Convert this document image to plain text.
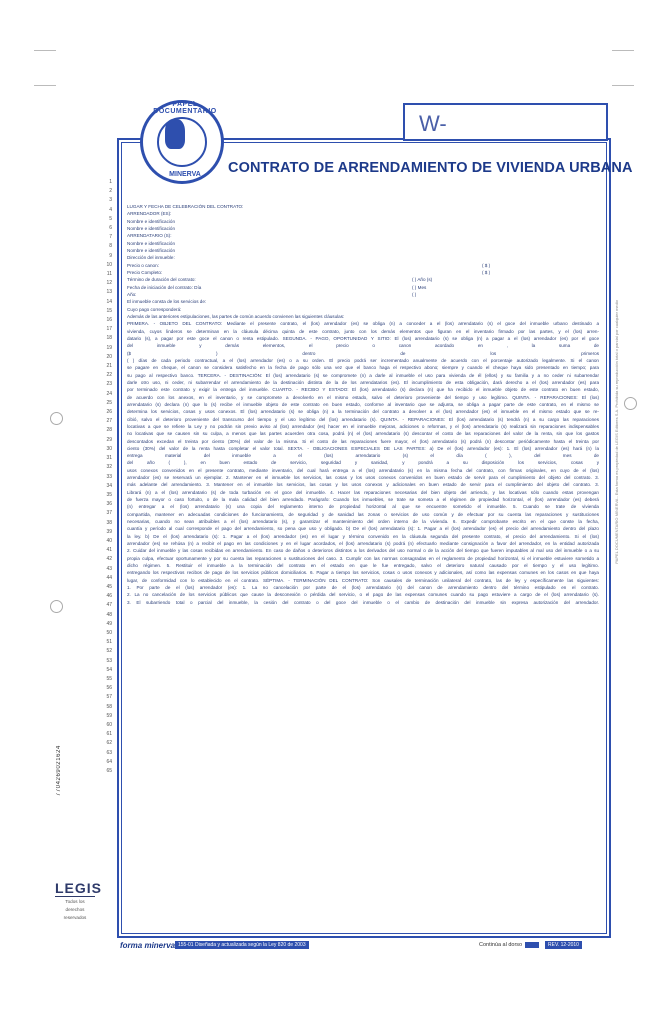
PAPEL DOCUMENTARIO
MINERVA
W-
CONTRATO DE ARRENDAMIENTO DE VIVIENDA URBANA
1
2
3
4
5
6
7
8
9
10
11
12
13
14
15
16
17
18
19
20
21
22
23
24
25
26
27
28
29
30
31
32
33
34
35
36
37
38
39
40
41
42
43
44
45
46
47
48
49
50
51
52
53
54
55
56
57
58
59
60
61
62
63
64
65
LUGAR Y FECHA DE CELEBRACIÓN DEL CONTRATO:
ARRENDADOR (ES):
Nombre e identificación
Nombre e identificación
ARRENDATARIO (S):
Nombre e identificación
Nombre e identificación
Dirección del inmueble:
Precio o canon:	( $ )
Precio Completo:	( $ )
Término de duración del contrato:	( ) Año (s)
Fecha de iniciación del contrato: Día	( ) Mes
Año:	( )
El inmueble consta de los servicios de:
Cuyo pago corresponderá:
Además de las anteriores estipulaciones, las partes de común acuerdo convienen las siguientes cláusulas:
PRIMERA. - OBJETO DEL CONTRATO: Mediante el presente contrato, el (los) arrendador (es) se obliga (n) a conceder a el (los) arrendatario (s) el goce del inmueble urbano destinado a
vivienda, cuyos linderos se determinan en la cláusula décima quinta de este contrato, junto con los demás elementos que figuran en el inventario firmado por las partes, y el (los) arren-
datario (s), a pagar por este goce el canon o renta estipulado. SEGUNDA. - PAGO, OPORTUNIDAD Y SITIO: El (los) arrendatario (s) se obliga (n) a pagar a el (los) arrendador (es) por el goce
del inmueble y demás elementos, el precio o canon acordado en , la suma de
($ ) dentro de los primeros
( ) días de cada periodo contractual, a el (los) arrendador (es) o a su orden. El precio podrá ser incrementado anualmente de acuerdo con el porcentaje autorizado legalmente. Si el canon
se pagare en cheque, el canon se considera satisfecho en la fecha de pago sólo una vez que el banco haga el respectivo abono; siempre y cuando el cheque haya sido presentado en tiempo; para
su pago al respectivo banco. TERCERA. - DESTINACIÓN: El (los) arrendatario (s) se compromete (n) a darle al inmueble el uso para vivienda de él (ellos) y su familia y a no ceder ni subarrendar
darle otro uso, ni ceder, ni subarrendar el arrendamiento de la destinación distinta de la de los arrendatarios (es). El incumplimiento de esta obligación, dará derecho a el (los) arrendador (es) para
por terminado este contrato y exigir la entrega del inmueble. CUARTO. - RECIBO Y ESTADO: El (los) arrendatario (s) declara (n) que ha recibido el inmueble objeto de este contrato en buen estado,
de acuerdo con los anexos, en el inventario, y se compromete a devolverlo en el mismo estado, salvo el deterioro proveniente del tiempo y uso legítimo. QUINTA. - REPARACIONES: El (los)
arrendatario (s) declara (n) que lo (s) recibe el inmueble objeto de este contrato en buen estado, conforme al inventario que se adjunta, se obliga a pagar parte de este contrato, en el mismo se
determina los servicios, cosas y usos conexos. El (los) arrendatario (s) se obliga (n) a la terminación del contrato a devolver a el (los) arrendador (es) el inmueble en el mismo estado que se re-
cibió, salvo el deterioro proveniente del transcurso del tiempo y el uso legítimo del (los) arrendatario (s). QUINTA. - REPARACIONES: El (los) arrendatario (s) tendrá (n) a su cargo las reparaciones
locativas a que se refiere la Ley y no podrán sin previo aviso al (los) arrendador (es) hacer en el inmueble mejoras, adiciones o reformas, y el (los) arrendatario (s) realizará sin reparaciones indispensables
no locativas que se causen sin su culpa, a menos que las partes acuerden otra cosa, podrá (n) el (los) arrendatario (s) descontar el costo de las reparaciones del valor de la renta, sin que los gastos
descontados excedan el treinta por ciento (30%) del valor de la misma. Si el costo de las reparaciones fuere mayor, el (los) arrendatario (s) podrá (n) descontar periódicamente hasta el treinta por
ciento (30%) del valor de la renta hasta completar el valor total. SEXTA. - OBLIGACIONES ESPECIALES DE LAS PARTES: a) De el (los) arrendador (es): 1. El (los) arrendador (es) hará (n) la
entrega material del inmueble a el (los) arrendatario (s) el día ( ), del mes de
del año ( ), en buen estado de servicio, seguridad y sanidad, y pondrá a su disposición los servicios, cosas y
usos conexos convenidos en el presente contrato, mediante inventario, del cual hará entrega a el (los) arrendatario (s) en la misma fecha del contrato, con firmas originales, en cuyo de el (los)
arrendador (es) se reservará un ejemplar. 2. Mantener en el inmueble los servicios, las cosas y los usos conexos convenidos en buen estado de servir para el cumplimiento del objeto del contrato. 3.
más adelante del arrendamiento. 3. Mantener en el inmueble los servicios, las cosas y los usos conexos y adicionales en buen estado de servir para el cumplimiento del objeto del contrato. 3.
Librará (n) a el (los) arrendatario (s) de toda turbación en el goce del inmueble. 4. Hacer las reparaciones necesarias del bien objeto del arriendo, y las locativas sólo cuando estas provengan
de fuerza mayor o caso fortuito, o de la mala calidad del bien arrendado. Parágrafo: Cuando los inmuebles, se trate se someta a el régimen de propiedad horizontal, el (los) arrendador (es) deberá
(n) entregar a el (los) arrendatario (s) una copia del reglamento interno de propiedad horizontal al que se encuentre sometido el inmueble. 5. Cuando se trate de vivienda
compartida, mantener en adecuadas condiciones de funcionamiento, de seguridad y de sanidad las zonas o servicios de uso común y de efectuar por su cuenta las reparaciones y sustituciones
necesarias, cuando no sean atribuibles a el (los) arrendatario (s), y garantizar el mantenimiento del orden interno de la vivienda. 6. Expedir comprobante escrito en el que conste la fecha,
cuantía y período al cual corresponde el pago del arrendamiento, so pena que uso y obligado. b) De el (los) arrendatario (s): 1. Pagar a el (los) arrendador (es) el precio del arrendamiento dentro del plazo
la ley. b) De el (los) arrendatario (s): 1. Pagar a el (los) arrendador (es) en el lugar y término convenido en la cláusula segunda del presente contrato, el precio del arrendamiento. Si el (los)
arrendador (es) se rehúsa (n) a recibir el pago en las condiciones y en el lugar acordados, el (los) arrendatario (s) podrá (n) efectuarlo mediante consignación a favor del arrendador, en la entidad autorizada
2. Cuidar del inmueble y las cosas recibidas en arrendamiento. En caso de daños o deterioros distintos a los derivados del uso normal o de la acción del tiempo que fueren imputables al mal uso del inmueble o a su
propia culpa, efectuar oportunamente y por su cuenta las reparaciones o sustituciones del caso. 3. Cumplir con las normas consagradas en el reglamento de propiedad horizontal, si el inmueble estuviere sometido a
dicho régimen. 5. Restituir el inmueble a la terminación del contrato en el estado en que le fue entregado, salvo el deterioro natural causado por el tiempo y el uso legítimo.
entregando los respectivos recibos de pago de los servicios públicos domiciliarios. 6. Pagar a tiempo los servicios, cosas o usos conexos y adicionales, así como las expensas comunes en los casos en que haya
lugar, de conformidad con lo establecido en el contrato. SÉPTIMA. - TERMINACIÓN DEL CONTRATO: Son causales de terminación unilateral del contrato, las de ley y específicamente las siguientes:
1. Por parte de el (los) arrendador (es): 1. La no cancelación por parte de el (los) arrendatario (s) del canon de arrendamiento dentro del término estipulado en el contrato.
2. La no cancelación de los servicios públicos que cause la desconexión o pérdida del servicio, o el pago de las expensas comunes cuando su pago estuviere a cargo de el (los) arrendatario (s).
3. El subarriendo total o parcial del inmueble, la cesión del contrato o del goce del inmueble o el cambio de destinación del inmueble sin expresa autorización del arrendador.
PAPEL DOCUMENTARIO MINERVA - Esta forma es propiedad de LEGIS Editores S.A. Prohibida su reproducción total o parcial por cualquier medio
7704269021624
LEGIS
Todos los
derechos
reservados
forma minerva 155-01 Diseñada y actualizada según la Ley 820 de 2003	Continúa al dorso	REV. 12-2010
